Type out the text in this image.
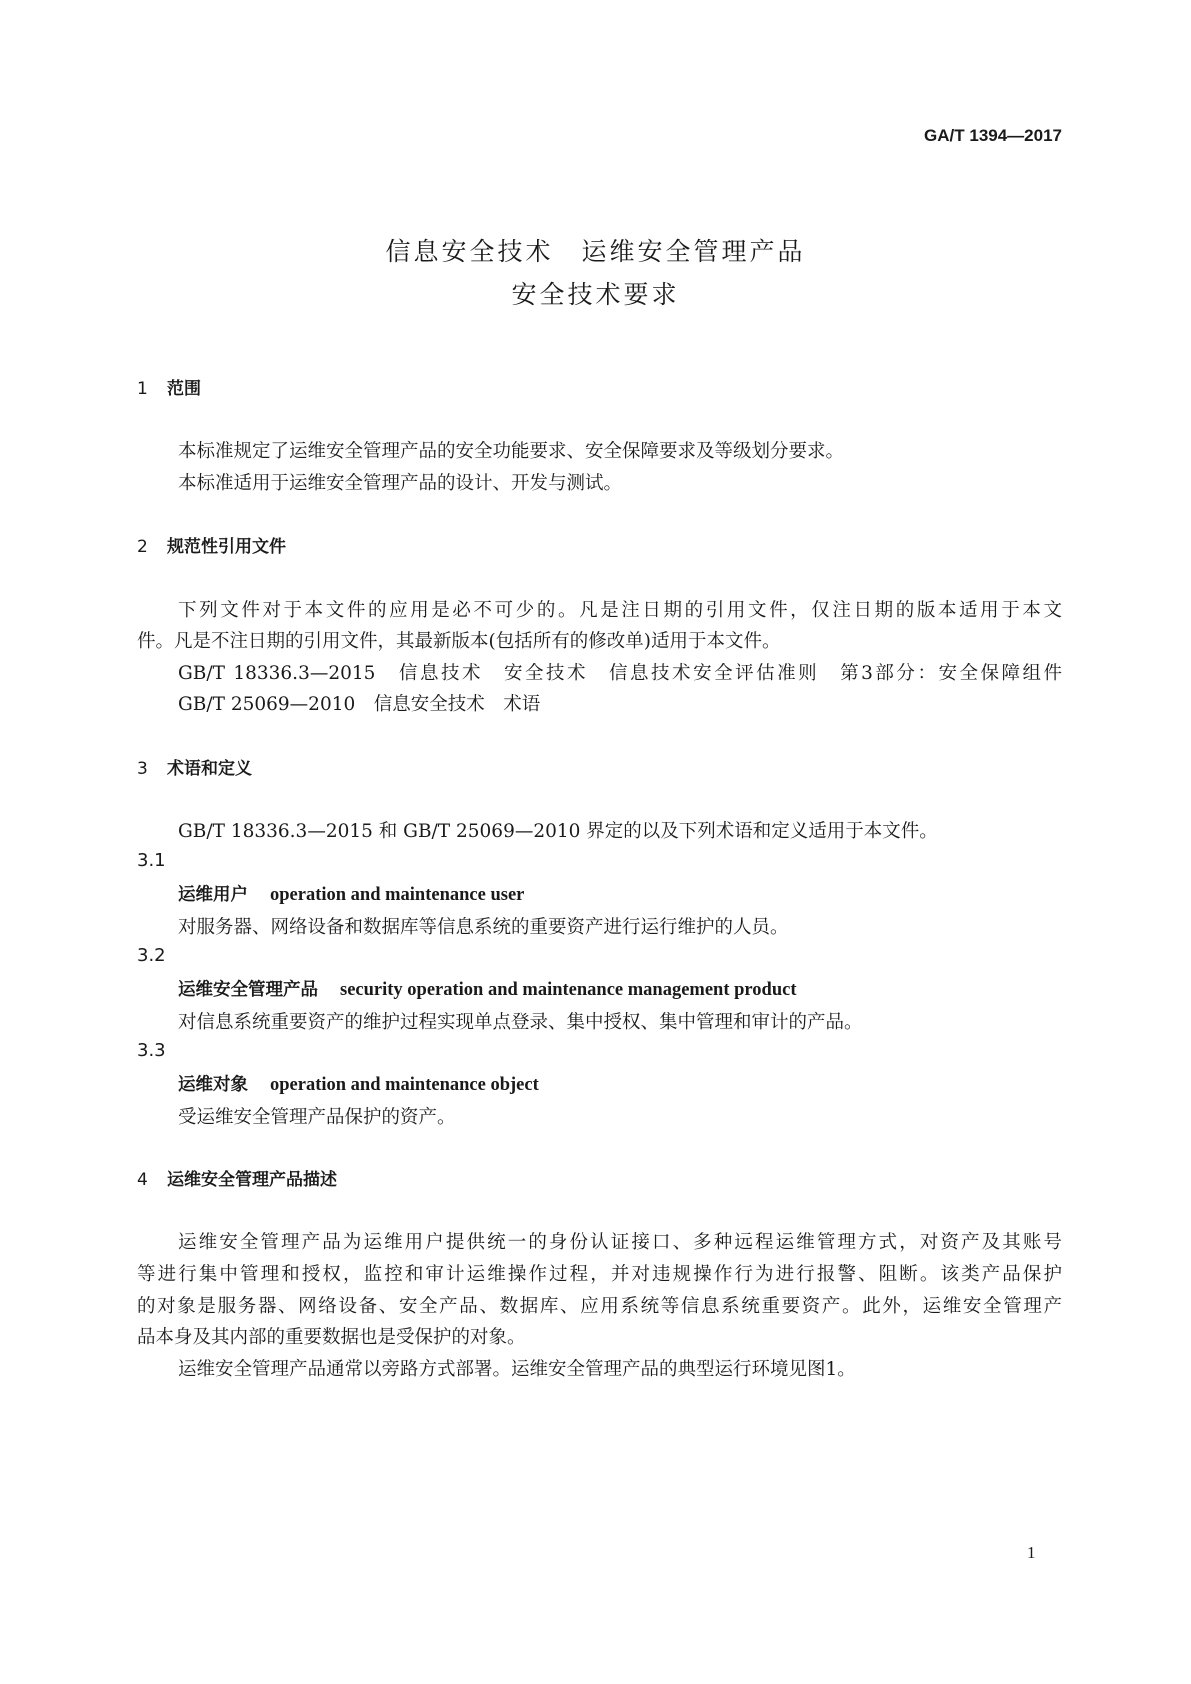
GA/T 1394—2017
信息安全技术　运维安全管理产品
安全技术要求
1 范围
本标准规定了运维安全管理产品的安全功能要求、安全保障要求及等级划分要求。
本标准适用于运维安全管理产品的设计、开发与测试。
2 规范性引用文件
下列文件对于本文件的应用是必不可少的。凡是注日期的引用文件，仅注日期的版本适用于本文
件。凡是不注日期的引用文件，其最新版本(包括所有的修改单)适用于本文件。
GB/T 18336.3—2015　信息技术　安全技术　信息技术安全评估准则　第3部分：安全保障组件
GB/T 25069—2010　信息安全技术　术语
3 术语和定义
GB/T 18336.3—2015 和 GB/T 25069—2010 界定的以及下列术语和定义适用于本文件。
3.1
运维用户 operation and maintenance user
对服务器、网络设备和数据库等信息系统的重要资产进行运行维护的人员。
3.2
运维安全管理产品 security operation and maintenance management product
对信息系统重要资产的维护过程实现单点登录、集中授权、集中管理和审计的产品。
3.3
运维对象 operation and maintenance object
受运维安全管理产品保护的资产。
4 运维安全管理产品描述
运维安全管理产品为运维用户提供统一的身份认证接口、多种远程运维管理方式，对资产及其账号
等进行集中管理和授权，监控和审计运维操作过程，并对违规操作行为进行报警、阻断。该类产品保护
的对象是服务器、网络设备、安全产品、数据库、应用系统等信息系统重要资产。此外，运维安全管理产
品本身及其内部的重要数据也是受保护的对象。
运维安全管理产品通常以旁路方式部署。运维安全管理产品的典型运行环境见图1。
1
